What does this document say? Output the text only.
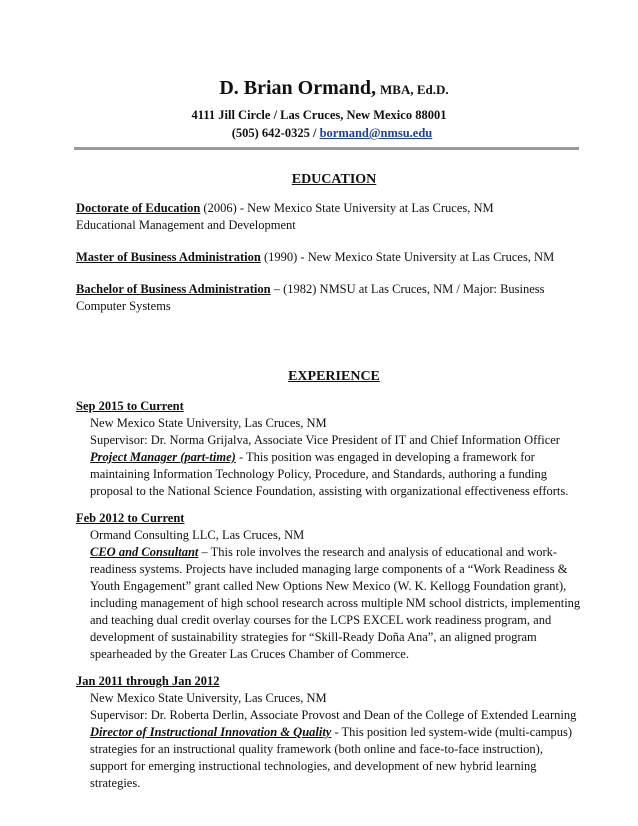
D. Brian Ormand, MBA, Ed.D.
4111 Jill Circle / Las Cruces, New Mexico 88001
(505) 642-0325 / bormand@nmsu.edu
EDUCATION
Doctorate of Education (2006) - New Mexico State University at Las Cruces, NM
Educational Management and Development
Master of Business Administration (1990) - New Mexico State University at Las Cruces, NM
Bachelor of Business Administration – (1982) NMSU at Las Cruces, NM / Major: Business Computer Systems
EXPERIENCE
Sep 2015 to Current
New Mexico State University, Las Cruces, NM
Supervisor: Dr. Norma Grijalva, Associate Vice President of IT and Chief Information Officer
Project Manager (part-time) - This position was engaged in developing a framework for maintaining Information Technology Policy, Procedure, and Standards, authoring a funding proposal to the National Science Foundation, assisting with organizational effectiveness efforts.
Feb 2012 to Current
Ormand Consulting LLC, Las Cruces, NM
CEO and Consultant – This role involves the research and analysis of educational and work-readiness systems. Projects have included managing large components of a “Work Readiness & Youth Engagement” grant called New Options New Mexico (W. K. Kellogg Foundation grant), including management of high school research across multiple NM school districts, implementing and teaching dual credit overlay courses for the LCPS EXCEL work readiness program, and development of sustainability strategies for “Skill-Ready Doña Ana”, an aligned program spearheaded by the Greater Las Cruces Chamber of Commerce.
Jan 2011 through Jan 2012
New Mexico State University, Las Cruces, NM
Supervisor: Dr. Roberta Derlin, Associate Provost and Dean of the College of Extended Learning
Director of Instructional Innovation & Quality - This position led system-wide (multi-campus) strategies for an instructional quality framework (both online and face-to-face instruction), support for emerging instructional technologies, and development of new hybrid learning strategies.
